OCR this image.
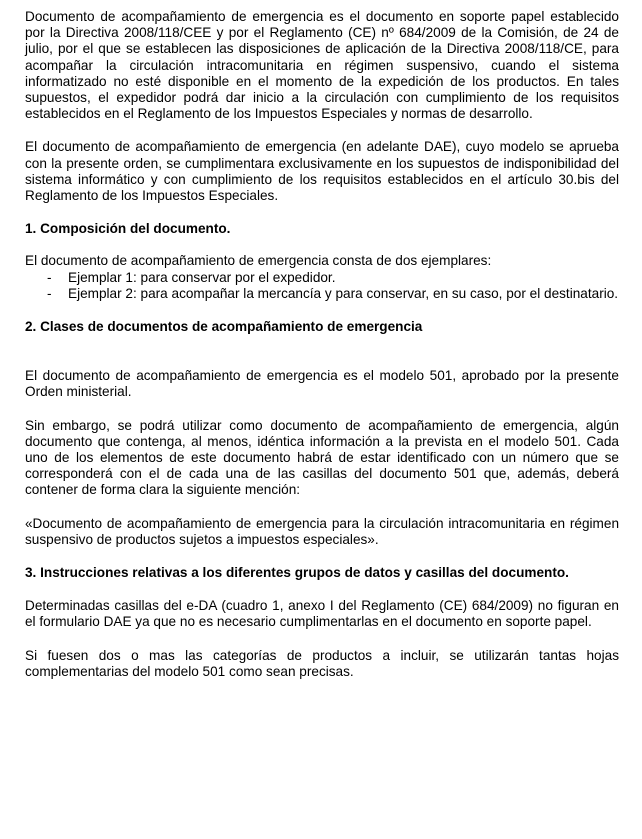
Documento de acompañamiento de emergencia es el documento en soporte papel establecido por la Directiva 2008/118/CEE y por el Reglamento (CE) nº 684/2009 de la Comisión, de 24 de julio, por el que se establecen las disposiciones de aplicación de la Directiva 2008/118/CE, para acompañar la circulación intracomunitaria en régimen suspensivo, cuando el sistema informatizado no esté disponible en el momento de la expedición de los productos. En tales supuestos, el expedidor podrá dar inicio a la circulación con cumplimiento de los requisitos establecidos en el Reglamento de los Impuestos Especiales y normas de desarrollo.

El documento de acompañamiento de emergencia (en adelante DAE), cuyo modelo se aprueba con la presente orden, se cumplimentara exclusivamente en los supuestos de indisponibilidad del sistema informático y con cumplimiento de los requisitos establecidos en el artículo 30.bis del Reglamento de los Impuestos Especiales.

1. Composición del documento.

El documento de acompañamiento de emergencia consta de dos ejemplares:

- Ejemplar 1: para conservar por el expedidor.
- Ejemplar 2: para acompañar la mercancía y para conservar, en su caso, por el destinatario.
2. Clases de documentos de acompañamiento de emergencia

El documento de acompañamiento de emergencia es el modelo 501, aprobado por la presente Orden ministerial.

Sin embargo, se podrá utilizar como documento de acompañamiento de emergencia, algún documento que contenga, al menos, idéntica información a la prevista en el modelo 501. Cada uno de los elementos de este documento habrá de estar identificado con un número que se corresponderá con el de cada una de las casillas del documento 501 que, además, deberá contener de forma clara la siguiente mención:

«Documento de acompañamiento de emergencia para la circulación intracomunitaria en régimen suspensivo de productos sujetos a impuestos especiales».

3. Instrucciones relativas a los diferentes grupos de datos y casillas del documento.

Determinadas casillas del e-DA (cuadro 1, anexo I del Reglamento (CE) 684/2009) no figuran en el formulario DAE ya que no es necesario cumplimentarlas en el documento en soporte papel.

Si fuesen dos o mas las categorías de productos a incluir, se utilizarán tantas hojas complementarias del modelo 501 como sean precisas.
